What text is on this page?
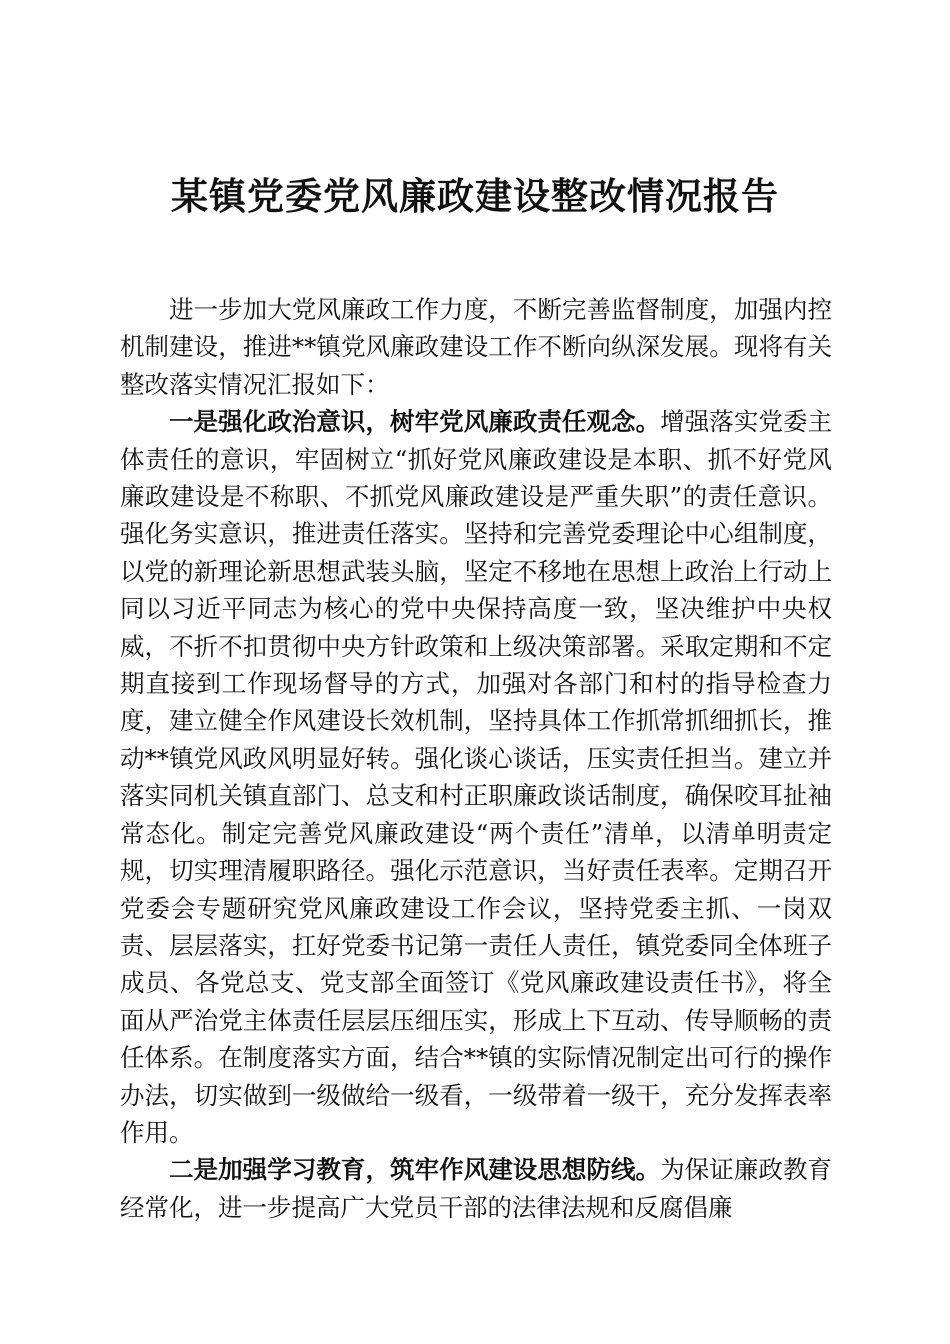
某镇党委党风廉政建设整改情况报告

进一步加大党风廉政工作力度，不断完善监督制度，加强内控机制建设，推进**镇党风廉政建设工作不断向纵深发展。现将有关整改落实情况汇报如下：

一是强化政治意识，树牢党风廉政责任观念。增强落实党委主体责任的意识，牢固树立“抓好党风廉政建设是本职、抓不好党风廉政建设是不称职、不抓党风廉政建设是严重失职”的责任意识。强化务实意识，推进责任落实。坚持和完善党委理论中心组制度，以党的新理论新思想武装头脑，坚定不移地在思想上政治上行动上同以习近平同志为核心的党中央保持高度一致，坚决维护中央权威，不折不扣贯彻中央方针政策和上级决策部署。采取定期和不定期直接到工作现场督导的方式，加强对各部门和村的指导检查力度，建立健全作风建设长效机制，坚持具体工作抓常抓细抓长，推动**镇党风政风明显好转。强化谈心谈话，压实责任担当。建立并落实同机关镇直部门、总支和村正职廉政谈话制度，确保咬耳扯袖常态化。制定完善党风廉政建设“两个责任”清单，以清单明责定规，切实理清履职路径。强化示范意识，当好责任表率。定期召开党委会专题研究党风廉政建设工作会议，坚持党委主抓、一岗双责、层层落实，扛好党委书记第一责任人责任，镇党委同全体班子成员、各党总支、党支部全面签订《党风廉政建设责任书》，将全面从严治党主体责任层层压细压实，形成上下互动、传导顺畅的责任体系。在制度落实方面，结合**镇的实际情况制定出可行的操作办法，切实做到一级做给一级看，一级带着一级干，充分发挥表率作用。

二是加强学习教育，筑牢作风建设思想防线。为保证廉政教育经常化，进一步提高广大党员干部的法律法规和反腐倡廉
